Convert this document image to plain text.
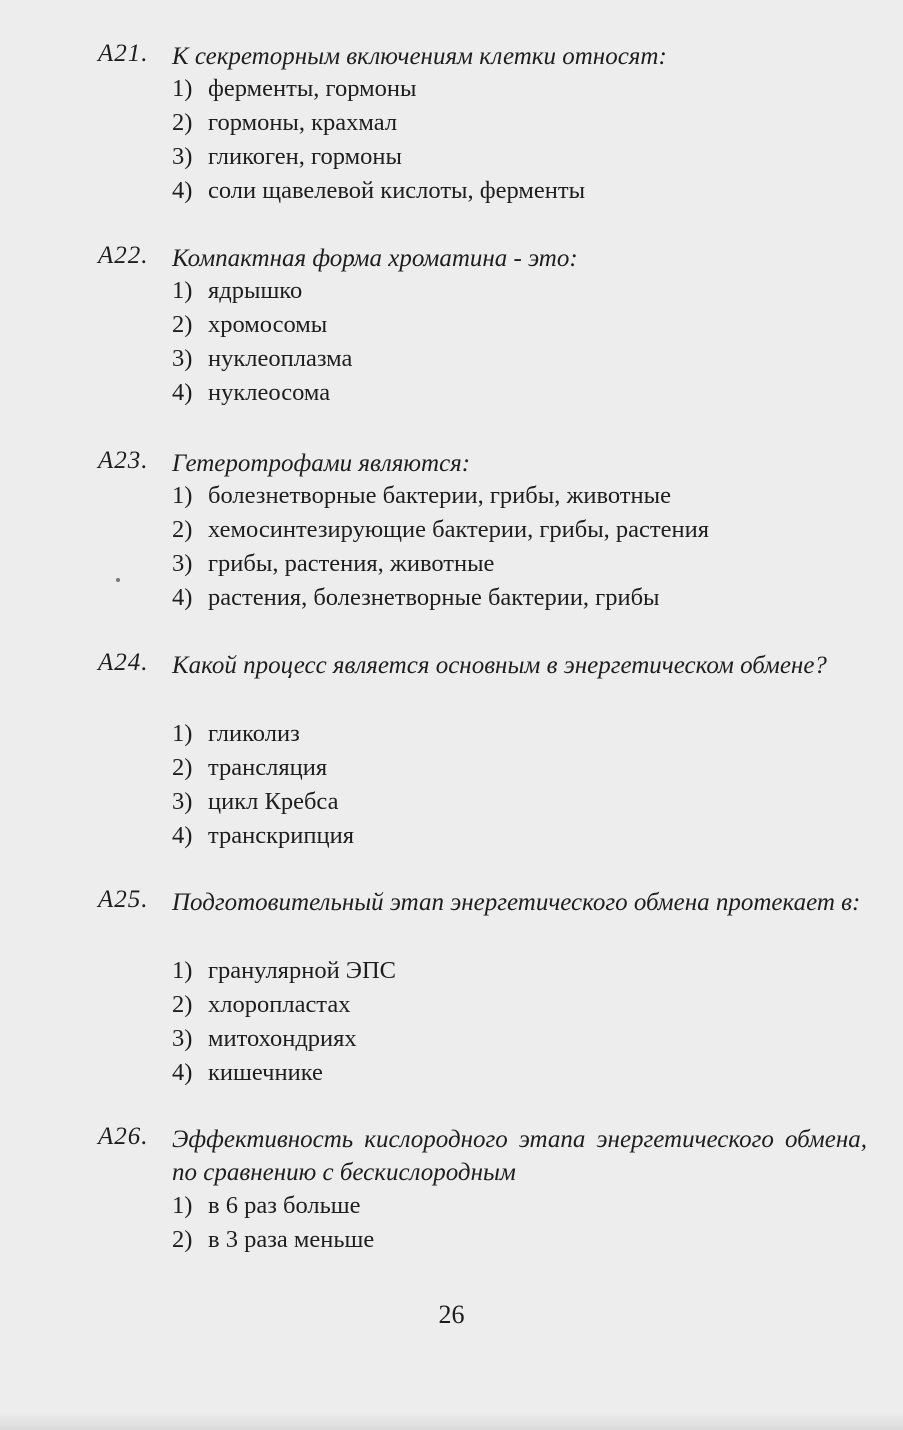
А21. К секреторным включениям клетки относят:
1) ферменты, гормоны
2) гормоны, крахмал
3) гликоген, гормоны
4) соли щавелевой кислоты, ферменты
А22. Компактная форма хроматина - это:
1) ядрышко
2) хромосомы
3) нуклеоплазма
4) нуклеосома
А23. Гетеротрофами являются:
1) болезнетворные бактерии, грибы, животные
2) хемосинтезирующие бактерии, грибы, растения
3) грибы, растения, животные
4) растения, болезнетворные бактерии, грибы
А24. Какой процесс является основным в энергетическом обмене?
1) гликолиз
2) трансляция
3) цикл Кребса
4) транскрипция
А25. Подготовительный этап энергетического обмена протекает в:
1) гранулярной ЭПС
2) хлоропластах
3) митохондриях
4) кишечнике
А26. Эффективность кислородного этапа энергетического обмена, по сравнению с бескислородным
1) в 6 раз больше
2) в 3 раза меньше
26
